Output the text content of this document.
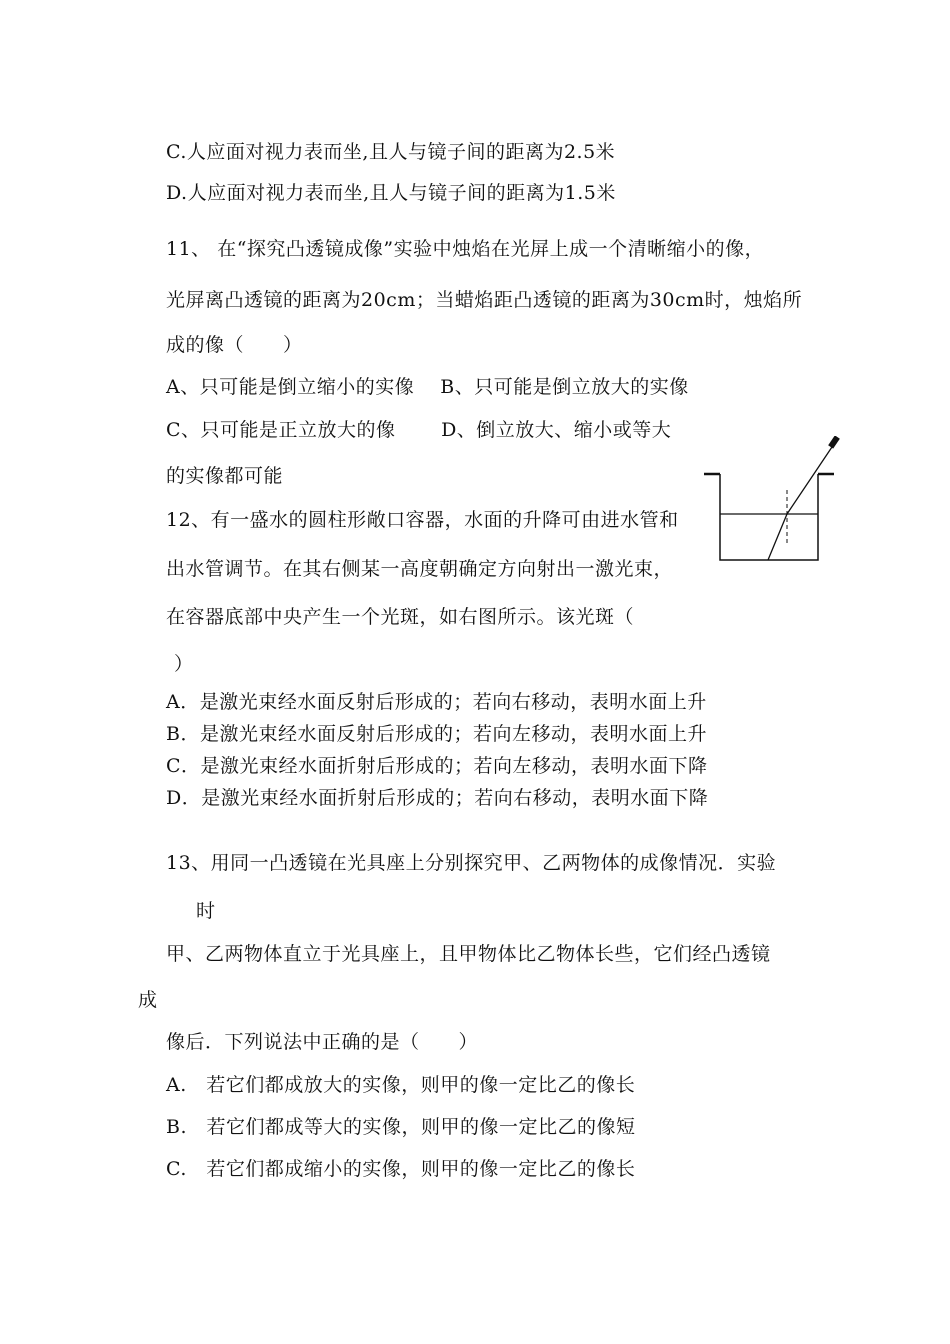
C.人应面对视力表而坐,且人与镜子间的距离为2.5米
D.人应面对视力表而坐,且人与镜子间的距离为1.5米
11、 在“探究凸透镜成像”实验中烛焰在光屏上成一个清晰缩小的像，
光屏离凸透镜的距离为20cm；当蜡焰距凸透镜的距离为30cm时，烛焰所
成的像（　　）
A、只可能是倒立缩小的实像　 B、只可能是倒立放大的实像
C、只可能是正立放大的像　　 D、倒立放大、缩小或等大
的实像都可能
12、有一盛水的圆柱形敞口容器，水面的升降可由进水管和
出水管调节。在其右侧某一高度朝确定方向射出一激光束，
在容器底部中央产生一个光斑，如右图所示。该光斑（
）
A．是激光束经水面反射后形成的；若向右移动，表明水面上升
B．是激光束经水面反射后形成的；若向左移动，表明水面上升
C．是激光束经水面折射后形成的；若向左移动，表明水面下降
D．是激光束经水面折射后形成的；若向右移动，表明水面下降
13、用同一凸透镜在光具座上分别探究甲、乙两物体的成像情况．实验
时
甲、乙两物体直立于光具座上，且甲物体比乙物体长些，它们经凸透镜
成
像后．下列说法中正确的是（　　）
A.　若它们都成放大的实像，则甲的像一定比乙的像长
B.　若它们都成等大的实像，则甲的像一定比乙的像短
C.　若它们都成缩小的实像，则甲的像一定比乙的像长
